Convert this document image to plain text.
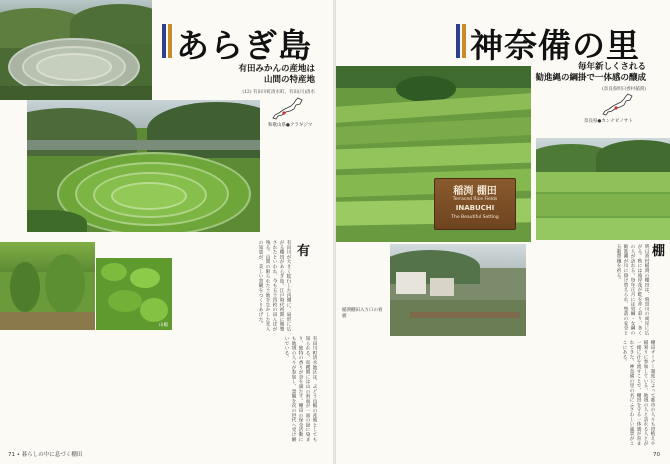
あらぎ島
有田みかんの産地は
山間の特産地
(12) 有田川町清水町、有田(川)清水
和歌山県●アラギジマ
有
有田川が大きく蛇行した内側に、扇形に広がる棚田があらぎ島。江戸時代初期に開墾されたといわれ、今も五十四枚の田んぼが残る。山間の限られた土地を生かした先人の知恵が、美しい景観をつくりあげた。
山椒
有田川町清水地区は、ぶどう山椒の産地としても知られる。収穫期には山の斜面が一面の緑に染まり、独特の香りが谷を満たす。棚田の保全活動にも地域の人々が参加し、景観を次の世代へ受け継いでいる。
71 • 暮らしの中に息づく棚田
神奈備の里
毎年新しくされる
勧進縄の綱掛で一体感の醸成
(奈良県明日香村稲渕)
稲渕 棚田
Terraced Rice Fields
INABUCHI
The Beautiful Setting
奈良県●カンナビノサト
稲渕棚田入り口の看板
棚
明日香村稲渕の棚田は、飛鳥川の両岸に広がる。秋には彼岸花が畦を赤く彩り、多くの人が訪れる。毎年正月には男綱・女綱の勧進縄が川に掛け替えられ、集落の安全と五穀豊穣を祈る。
棚田オーナー制度によって都市の人々も田植えや稲刈りに参加している。地域の人と訪れる人とが一緒に汗を流すことで、棚田を守る一体感が育まれてきた。神奈備の里の名にふさわしい風景がここにある。
70
